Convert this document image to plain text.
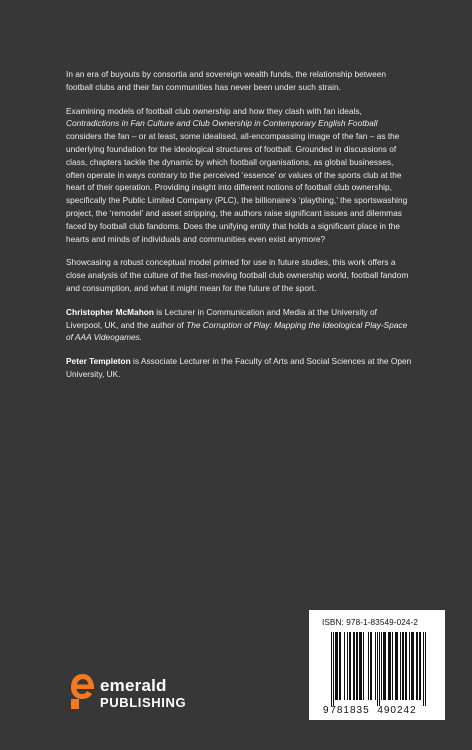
In an era of buyouts by consortia and sovereign wealth funds, the relationship between football clubs and their fan communities has never been under such strain.

Examining models of football club ownership and how they clash with fan ideals, Contradictions in Fan Culture and Club Ownership in Contemporary English Football considers the fan – or at least, some idealised, all-encompassing image of the fan – as the underlying foundation for the ideological structures of football. Grounded in discussions of class, chapters tackle the dynamic by which football organisations, as global businesses, often operate in ways contrary to the perceived ‘essence’ or values of the sports club at the heart of their operation. Providing insight into different notions of football club ownership, specifically the Public Limited Company (PLC), the billionaire’s ‘plaything,’ the sportswashing project, the ‘remodel’ and asset stripping, the authors raise significant issues and dilemmas faced by football club fandoms. Does the unifying entity that holds a significant place in the hearts and minds of individuals and communities even exist anymore?

Showcasing a robust conceptual model primed for use in future studies, this work offers a close analysis of the culture of the fast-moving football club ownership world, football fandom and consumption, and what it might mean for the future of the sport.

Christopher McMahon is Lecturer in Communication and Media at the University of Liverpool, UK, and the author of The Corruption of Play: Mapping the Ideological Play-Space of AAA Videogames.

Peter Templeton is Associate Lecturer in the Faculty of Arts and Social Sciences at the Open University, UK.

ISBN: 978-1-83549-024-2
9 781835 490242
emerald
PUBLISHING
